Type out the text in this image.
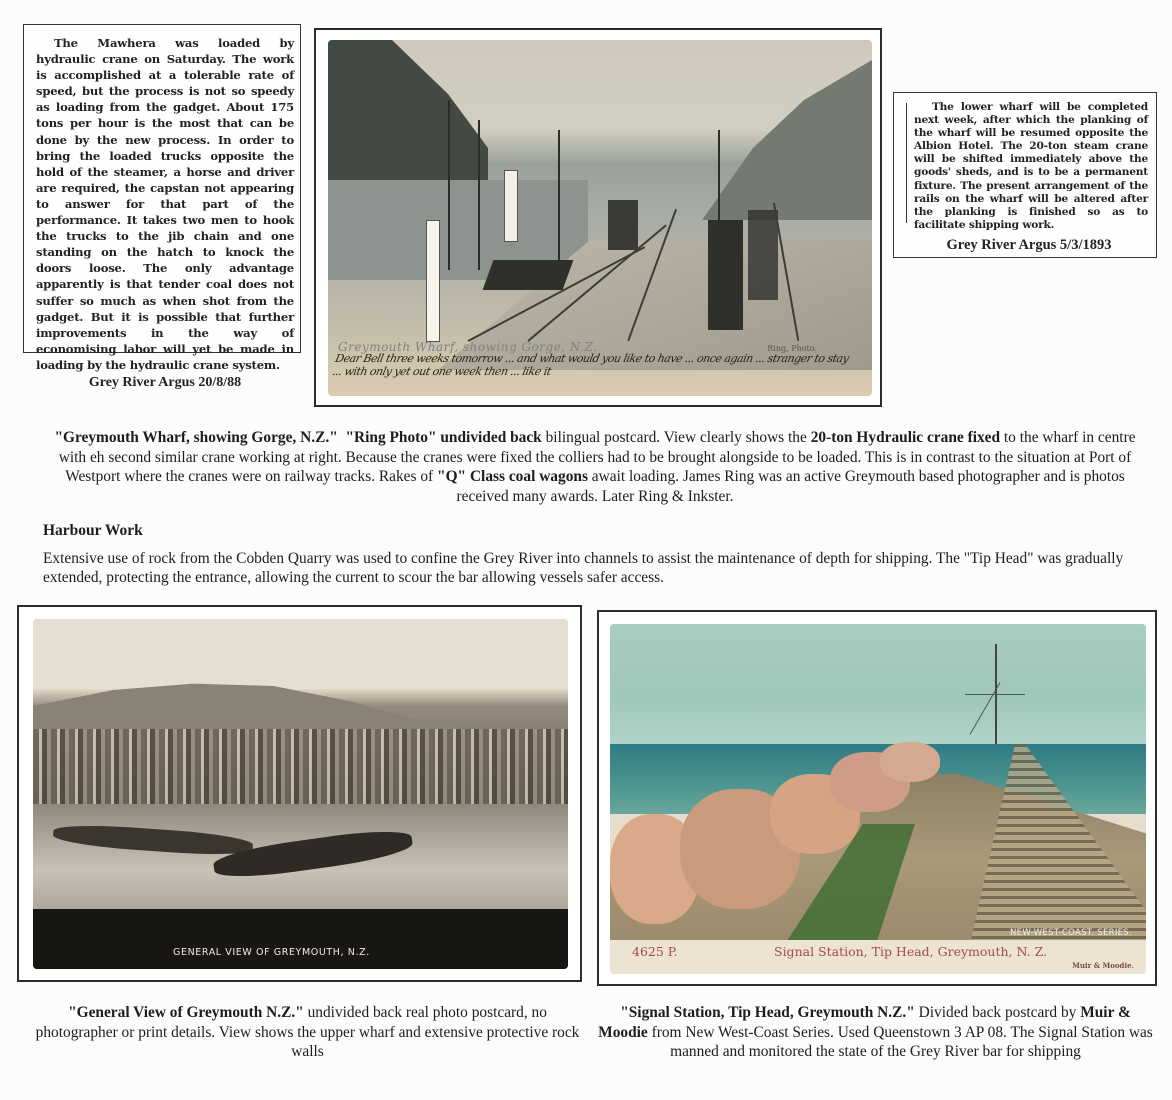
The Mawhera was loaded by hydraulic crane on Saturday. The work is accomplished at a tolerable rate of speed, but the process is not so speedy as loading from the gadget. About 175 tons per hour is the most that can be done by the new process. In order to bring the loaded trucks opposite the hold of the steamer, a horse and driver are required, the capstan not appearing to answer for that part of the performance. It takes two men to hook the trucks to the jib chain and one standing on the hatch to knock the doors loose. The only advantage apparently is that tender coal does not suffer so much as when shot from the gadget. But it is possible that further improvements in the way of economising labor will yet be made in loading by the hydraulic crane system.
Grey River Argus 20/8/88
Greymouth Wharf, showing Gorge, N.Z.	Ring, Photo.
Dear Bell three weeks tomorrow ... and what would you like to have ... once again ... stranger to stay ... with only yet out one week then ... like it
The lower wharf will be completed next week, after which the planking of the wharf will be resumed opposite the Albion Hotel. The 20-ton steam crane will be shifted immediately above the goods' sheds, and is to be a permanent fixture. The present arrangement of the rails on the wharf will be altered after the planking is finished so as to facilitate shipping work.
Grey River Argus 5/3/1893
"Greymouth Wharf, showing Gorge, N.Z." "Ring Photo" undivided back bilingual postcard. View clearly shows the 20-ton Hydraulic crane fixed to the wharf in centre with eh second similar crane working at right. Because the cranes were fixed the colliers had to be brought alongside to be loaded. This is in contrast to the situation at Port of Westport where the cranes were on railway tracks. Rakes of "Q" Class coal wagons await loading. James Ring was an active Greymouth based photographer and is photos received many awards. Later Ring & Inkster.
Harbour Work
Extensive use of rock from the Cobden Quarry was used to confine the Grey River into channels to assist the maintenance of depth for shipping. The "Tip Head" was gradually extended, protecting the entrance, allowing the current to scour the bar allowing vessels safer access.
GENERAL VIEW OF GREYMOUTH, N.Z.
NEW-WEST-COAST. SERIES.
4625 P.	Signal Station, Tip Head, Greymouth, N. Z.
Muir & Moodie.
"General View of Greymouth N.Z." undivided back real photo postcard, no photographer or print details. View shows the upper wharf and extensive protective rock walls
"Signal Station, Tip Head, Greymouth N.Z." Divided back postcard by Muir & Moodie from New West-Coast Series. Used Queenstown 3 AP 08. The Signal Station was manned and monitored the state of the Grey River bar for shipping
